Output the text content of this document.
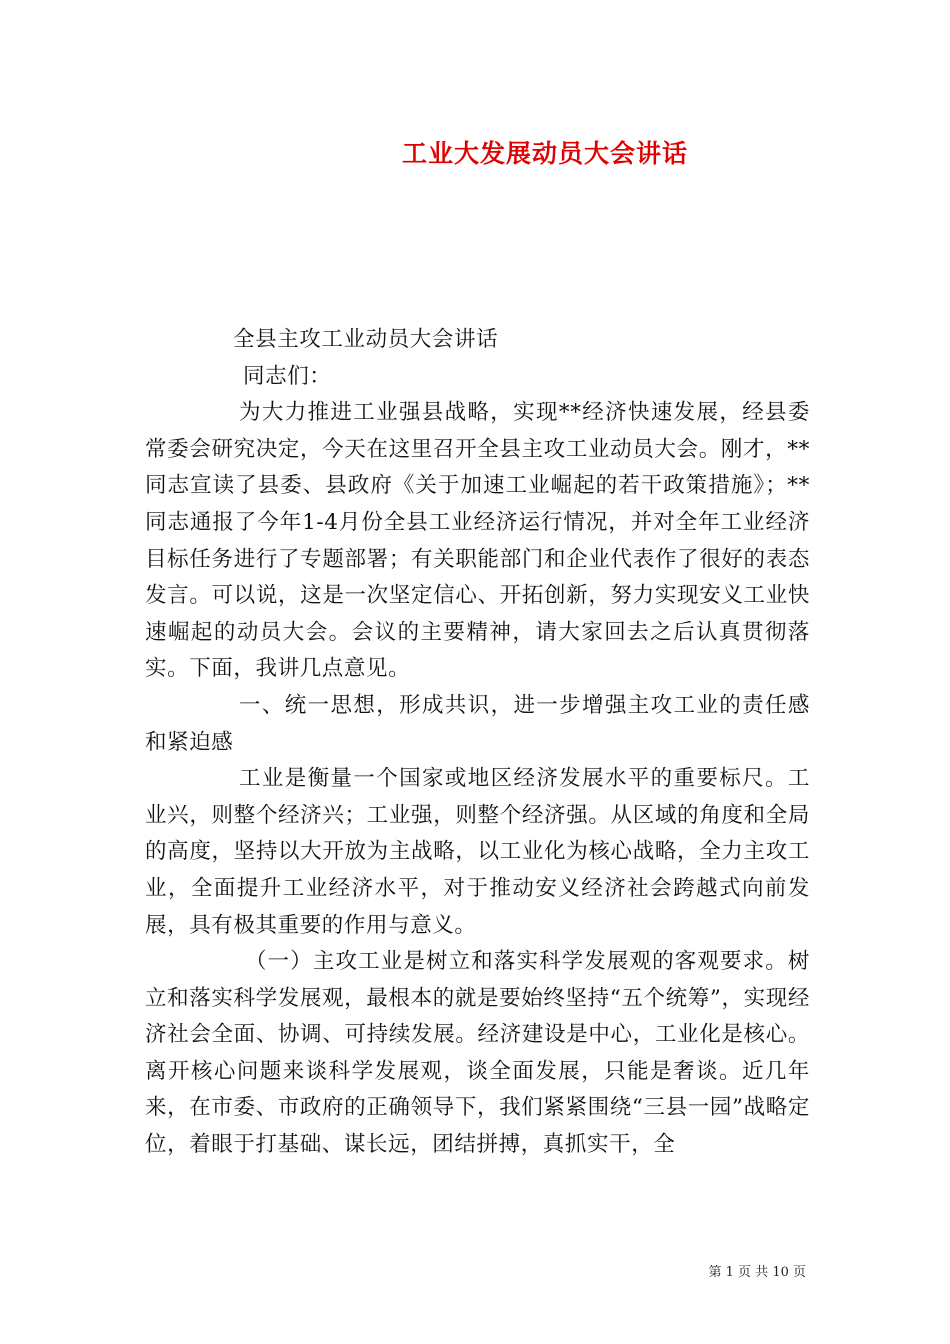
工业大发展动员大会讲话

全县主攻工业动员大会讲话

同志们：

为大力推进工业强县战略，实现**经济快速发展，经县委常委会研究决定，今天在这里召开全县主攻工业动员大会。刚才，**同志宣读了县委、县政府《关于加速工业崛起的若干政策措施》；**同志通报了今年1-4月份全县工业经济运行情况，并对全年工业经济目标任务进行了专题部署；有关职能部门和企业代表作了很好的表态发言。可以说，这是一次坚定信心、开拓创新，努力实现安义工业快速崛起的动员大会。会议的主要精神，请大家回去之后认真贯彻落实。下面，我讲几点意见。

一、统一思想，形成共识，进一步增强主攻工业的责任感和紧迫感

工业是衡量一个国家或地区经济发展水平的重要标尺。工业兴，则整个经济兴；工业强，则整个经济强。从区域的角度和全局的高度，坚持以大开放为主战略，以工业化为核心战略，全力主攻工业，全面提升工业经济水平，对于推动安义经济社会跨越式向前发展，具有极其重要的作用与意义。

（一）主攻工业是树立和落实科学发展观的客观要求。树立和落实科学发展观，最根本的就是要始终坚持“五个统筹”，实现经济社会全面、协调、可持续发展。经济建设是中心，工业化是核心。离开核心问题来谈科学发展观，谈全面发展，只能是奢谈。近几年来，在市委、市政府的正确领导下，我们紧紧围绕“三县一园”战略定位，着眼于打基础、谋长远，团结拼搏，真抓实干，全

第 1 页 共 10 页
